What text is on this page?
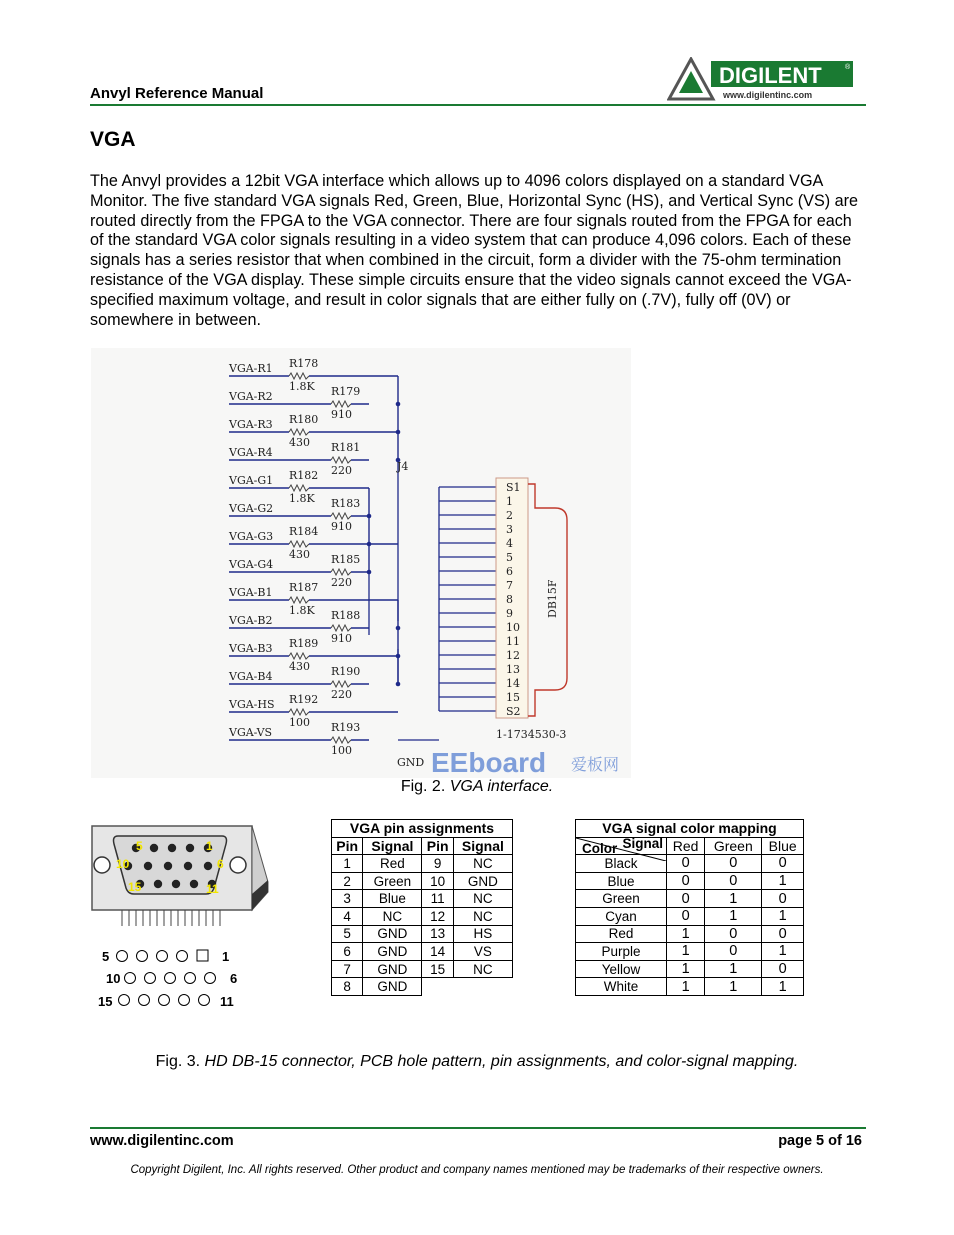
Anvyl Reference Manual
DIGILENT	®
www.digilentinc.com
VGA

The Anvyl provides a 12bit VGA interface which allows up to 4096 colors displayed on a standard VGA Monitor. The five standard VGA signals Red, Green, Blue, Horizontal Sync (HS), and Vertical Sync (VS) are routed directly from the FPGA to the VGA connector. There are four signals routed from the FPGA for each of the standard VGA color signals resulting in a video system that can produce 4,096 colors. Each of these signals has a series resistor that when combined in the circuit, form a divider with the 75-ohm termination resistance of the VGA display. These simple circuits ensure that the video signals cannot exceed the VGA-specified maximum voltage, and result in color signals that are either fully on (.7V), fully off (0V) or somewhere in between.

VGA-R1 R178
1.8K
VGA-R2	R179
910
VGA-R3 R180
430
VGA-R4	R181
220
VGA-G1 R182
1.8K
VGA-G2	R183
910
VGA-G3 R184
430
VGA-G4	R185
220
VGA-B1 R187
1.8K
VGA-B2	R188
910
VGA-B3 R189
430
VGA-B4	R190
220
VGA-HS R192
100
VGA-VS	R193
100
S1
1
2
3
4
5
6
7
8
9
10
11
12
13
14
15
S2
J4
1-1734530-3
DB15F
GND EEboard 爱板网
Fig. 2. VGA interface.
5	1
10	6
15	11
5	1
10	6
15	11
VGA pin assignments			
Pin	Signal	Pin	Signal
1	Red	9	NC
2	Green	10	GND
3	Blue	11	NC
4	NC	12	NC
5	GND	13	HS
6	GND	14	VS
7	GND	15	NC
8	GND		
VGA signal color mapping			

Signal
Color	Red	Green	Blue
Black	0	0	0
Blue	0	0	1
Green	0	1	0
Cyan	0	1	1
Red	1	0	0
Purple	1	0	1
Yellow	1	1	0
White	1	1	1
Fig. 3. HD DB-15 connector, PCB hole pattern, pin assignments, and color-signal mapping.
www.digilentinc.com	page 5 of 16
Copyright Digilent, Inc. All rights reserved. Other product and company names mentioned may be trademarks of their respective owners.
